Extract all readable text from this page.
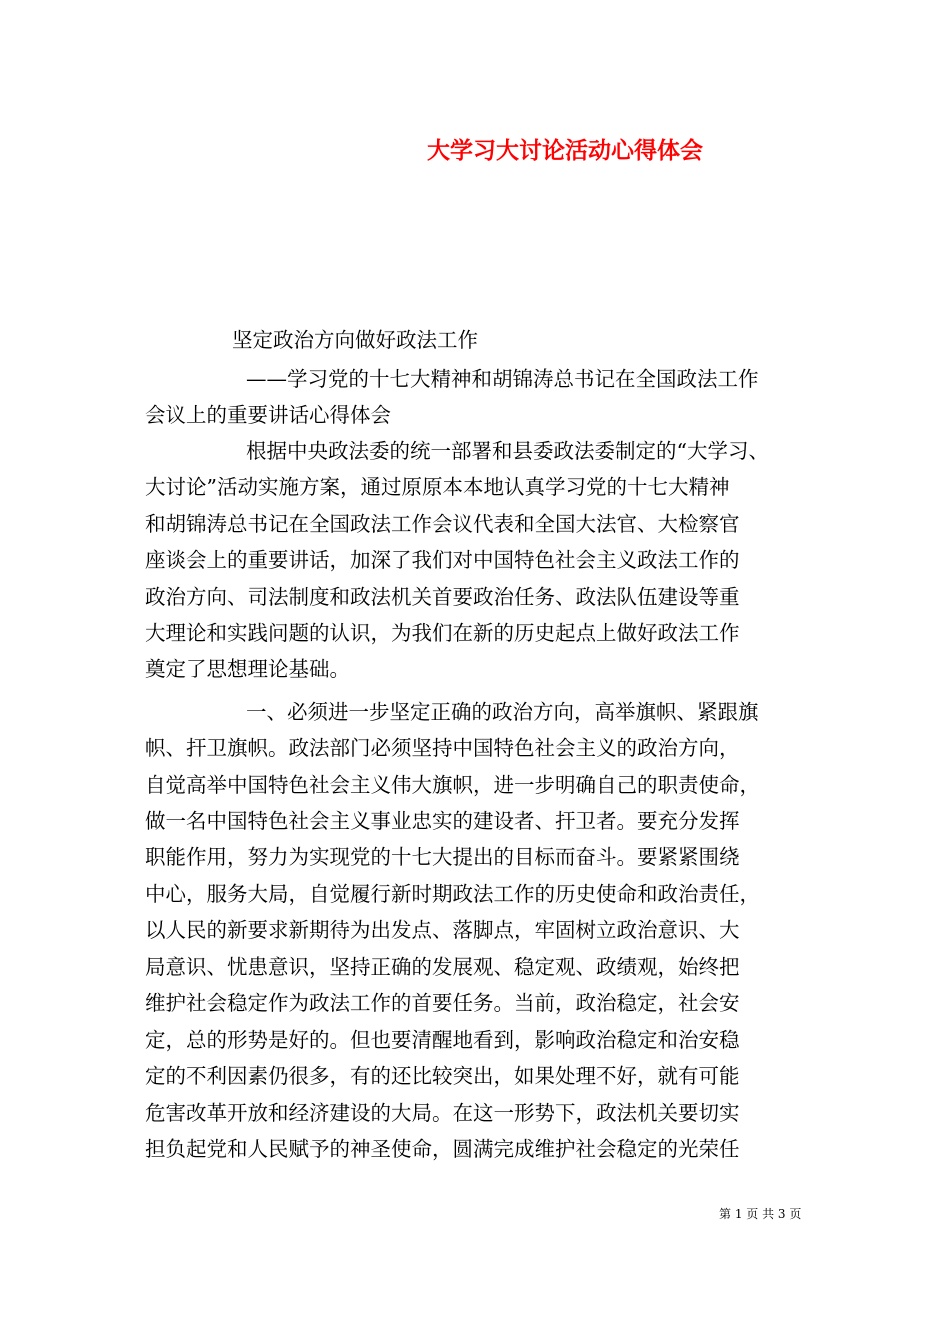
大学习大讨论活动心得体会
坚定政治方向做好政法工作
——学习党的十七大精神和胡锦涛总书记在全国政法工作
会议上的重要讲话心得体会
根据中央政法委的统一部署和县委政法委制定的“大学习、
大讨论”活动实施方案，通过原原本本地认真学习党的十七大精神
和胡锦涛总书记在全国政法工作会议代表和全国大法官、大检察官
座谈会上的重要讲话，加深了我们对中国特色社会主义政法工作的
政治方向、司法制度和政法机关首要政治任务、政法队伍建设等重
大理论和实践问题的认识，为我们在新的历史起点上做好政法工作
奠定了思想理论基础。
一、必须进一步坚定正确的政治方向，高举旗帜、紧跟旗
帜、扞卫旗帜。政法部门必须坚持中国特色社会主义的政治方向，
自觉高举中国特色社会主义伟大旗帜，进一步明确自己的职责使命，
做一名中国特色社会主义事业忠实的建设者、扞卫者。要充分发挥
职能作用，努力为实现党的十七大提出的目标而奋斗。要紧紧围绕
中心，服务大局，自觉履行新时期政法工作的历史使命和政治责任，
以人民的新要求新期待为出发点、落脚点，牢固树立政治意识、大
局意识、忧患意识，坚持正确的发展观、稳定观、政绩观，始终把
维护社会稳定作为政法工作的首要任务。当前，政治稳定，社会安
定，总的形势是好的。但也要清醒地看到，影响政治稳定和治安稳
定的不利因素仍很多，有的还比较突出，如果处理不好，就有可能
危害改革开放和经济建设的大局。在这一形势下，政法机关要切实
担负起党和人民赋予的神圣使命，圆满完成维护社会稳定的光荣任
第 1 页 共 3 页
